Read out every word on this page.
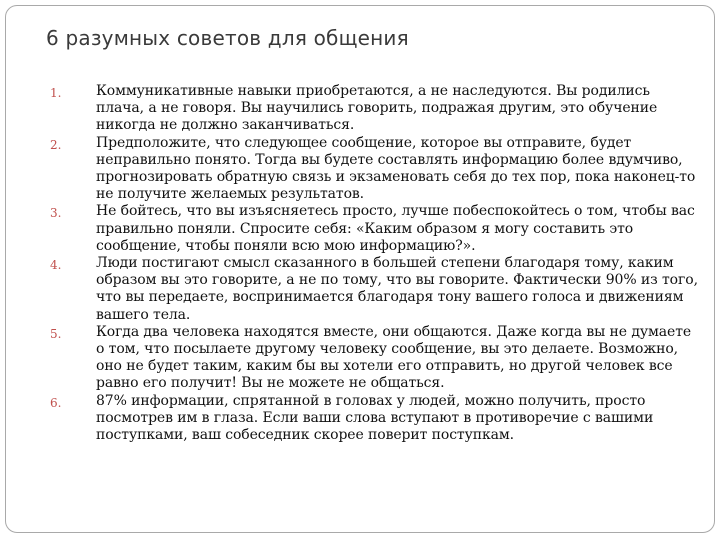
6 разумных советов для общения
1.	Коммуникативные навыки приобретаются, а не наследуются. Вы родились плача, а не говоря. Вы научились говорить, подражая другим, это обучение никогда не должно заканчиваться.
2.	Предположите, что следующее сообщение, которое вы отправите, будет неправильно понято. Тогда вы будете составлять информацию более вдумчиво, прогнозировать обратную связь и экзаменовать себя до тех пор, пока наконец-то не получите желаемых результатов.
3.	Не бойтесь, что вы изъясняетесь просто, лучше побеспокойтесь о том, чтобы вас правильно поняли. Спросите себя: «Каким образом я могу составить это сообщение, чтобы поняли всю мою информацию?».
4.	Люди постигают смысл сказанного в большей степени благодаря тому, каким образом вы это говорите, а не по тому, что вы говорите. Фактически 90% из того, что вы передаете, воспринимается благодаря тону вашего голоса и движениям вашего тела.
5.	Когда два человека находятся вместе, они общаются. Даже когда вы не думаете о том, что посылаете другому человеку сообщение, вы это делаете. Возможно, оно не будет таким, каким бы вы хотели его отправить, но другой человек все равно его получит! Вы не можете не общаться.
6.	87% информации, спрятанной в головах у людей, можно получить, просто посмотрев им в глаза. Если ваши слова вступают в противоречие с вашими поступками, ваш собеседник скорее поверит поступкам.
